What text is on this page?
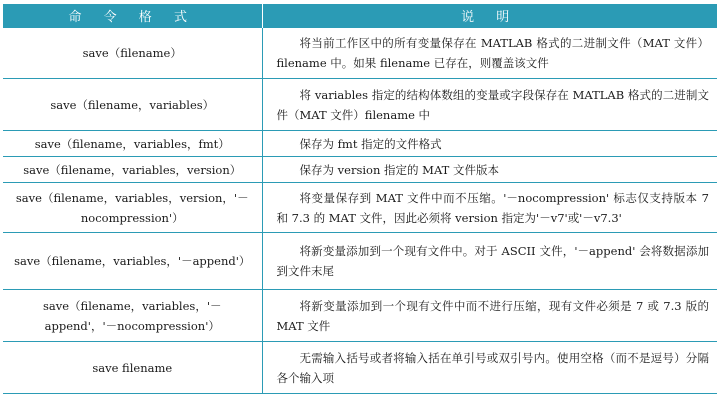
命 令 格 式	说 明
save（filename）	将当前工作区中的所有变量保存在 MATLAB 格式的二进制文件（MAT 文件）filename 中。如果 filename 已存在，则覆盖该文件

save（filename，variables）	将 variables 指定的结构体数组的变量或字段保存在 MATLAB 格式的二进制文件（MAT 文件）filename 中

save（filename，variables，fmt）	保存为 fmt 指定的文件格式

save（filename，variables，version）	保存为 version 指定的 MAT 文件版本

save（filename，variables，version，'－nocompression'）	将变量保存到 MAT 文件中而不压缩。'－nocompression' 标志仅支持版本 7 和 7.3 的 MAT 文件，因此必须将 version 指定为'－v7'或'－v7.3'

save（filename，variables，'－append'）	将新变量添加到一个现有文件中。对于 ASCII 文件，'－append' 会将数据添加到文件末尾

save（filename，variables，'－append'，'－nocompression'）	将新变量添加到一个现有文件中而不进行压缩，现有文件必须是 7 或 7.3 版的 MAT 文件

save filename	无需输入括号或者将输入括在单引号或双引号内。使用空格（而不是逗号）分隔各个输入项
